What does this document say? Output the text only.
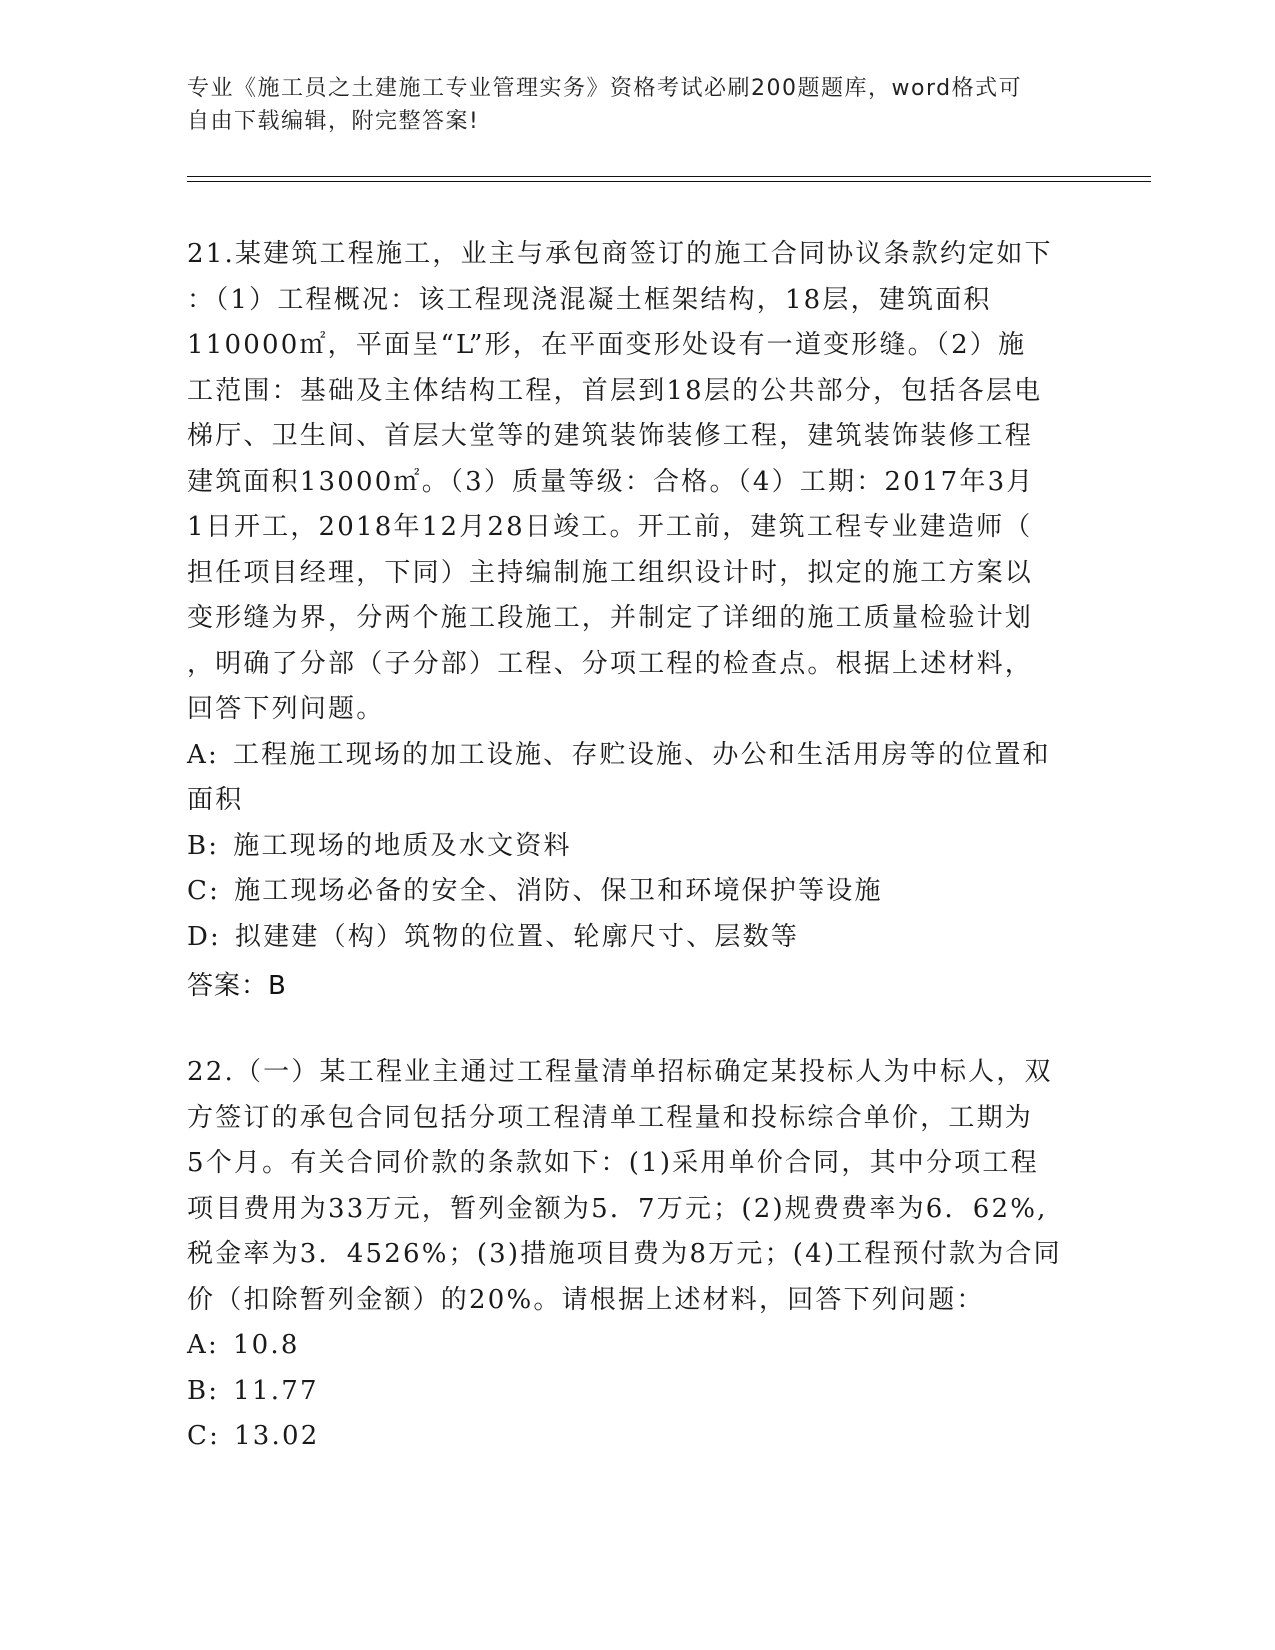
专业《施工员之土建施工专业管理实务》资格考试必刷200题题库，word格式可
自由下载编辑，附完整答案!
21.某建筑工程施工，业主与承包商签订的施工合同协议条款约定如下
：（1）工程概况：该工程现浇混凝土框架结构，18层，建筑面积
110000㎡，平面呈“L”形，在平面变形处设有一道变形缝。（2）施
工范围：基础及主体结构工程，首层到18层的公共部分，包括各层电
梯厅、卫生间、首层大堂等的建筑装饰装修工程，建筑装饰装修工程
建筑面积13000㎡。（3）质量等级：合格。（4）工期：2017年3月
1日开工，2018年12月28日竣工。开工前，建筑工程专业建造师（
担任项目经理，下同）主持编制施工组织设计时，拟定的施工方案以
变形缝为界，分两个施工段施工，并制定了详细的施工质量检验计划
，明确了分部（子分部）工程、分项工程的检查点。根据上述材料，
回答下列问题。
A: 工程施工现场的加工设施、存贮设施、办公和生活用房等的位置和
面积
B: 施工现场的地质及水文资料
C: 施工现场必备的安全、消防、保卫和环境保护等设施
D: 拟建建（构）筑物的位置、轮廓尺寸、层数等
答案：B
22.（一）某工程业主通过工程量清单招标确定某投标人为中标人，双
方签订的承包合同包括分项工程清单工程量和投标综合单价，工期为
5个月。有关合同价款的条款如下：(1)采用单价合同，其中分项工程
项目费用为33万元，暂列金额为5．7万元；(2)规费费率为6．62%,
税金率为3．4526%；(3)措施项目费为8万元；(4)工程预付款为合同
价（扣除暂列金额）的20%。请根据上述材料，回答下列问题：
A: 10.8
B: 11.77
C: 13.02
